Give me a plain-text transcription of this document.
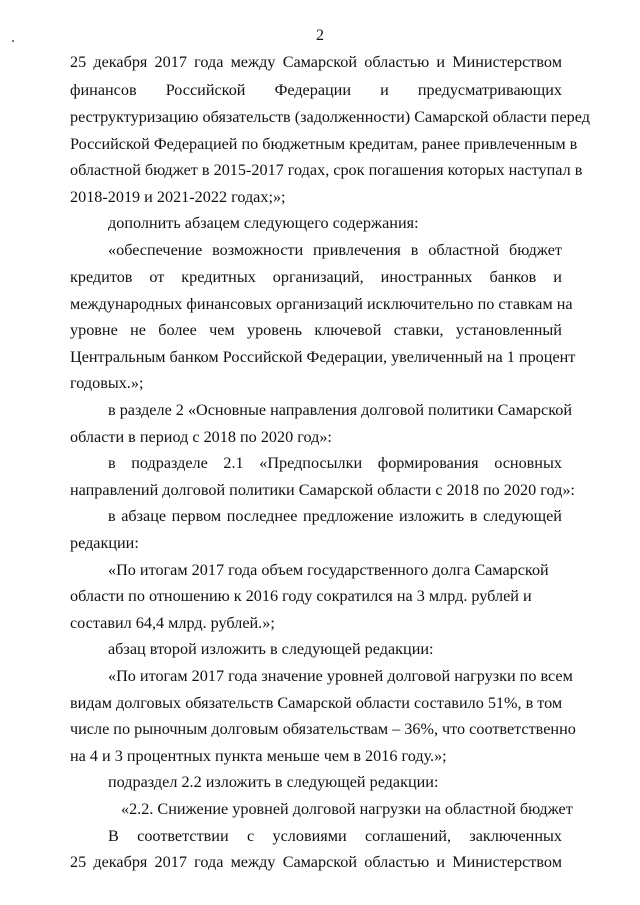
2
25 декабря 2017 года между Самарской областью и Министерством
финансов Российской Федерации и предусматривающих
реструктуризацию обязательств (задолженности) Самарской области перед
Российской Федерацией по бюджетным кредитам, ранее привлеченным в
областной бюджет в 2015-2017 годах, срок погашения которых наступал в
2018-2019 и 2021-2022 годах;»;
дополнить абзацем следующего содержания:
«обеспечение возможности привлечения в областной бюджет
кредитов от кредитных организаций, иностранных банков и
международных финансовых организаций исключительно по ставкам на
уровне не более чем уровень ключевой ставки, установленный
Центральным банком Российской Федерации, увеличенный на 1 процент
годовых.»;
в разделе 2 «Основные направления долговой политики Самарской
области в период с 2018 по 2020 год»:
в подразделе 2.1 «Предпосылки формирования основных
направлений долговой политики Самарской области с 2018 по 2020 год»:
в абзаце первом последнее предложение изложить в следующей
редакции:
«По итогам 2017 года объем государственного долга Самарской
области по отношению к 2016 году сократился на 3 млрд. рублей и
составил 64,4 млрд. рублей.»;
абзац второй изложить в следующей редакции:
«По итогам 2017 года значение уровней долговой нагрузки по всем
видам долговых обязательств Самарской области составило 51%, в том
числе по рыночным долговым обязательствам – 36%, что соответственно
на 4 и 3 процентных пункта меньше чем в 2016 году.»;
подраздел 2.2 изложить в следующей редакции:
«2.2. Снижение уровней долговой нагрузки на областной бюджет
В соответствии с условиями соглашений, заключенных
25 декабря 2017 года между Самарской областью и Министерством
